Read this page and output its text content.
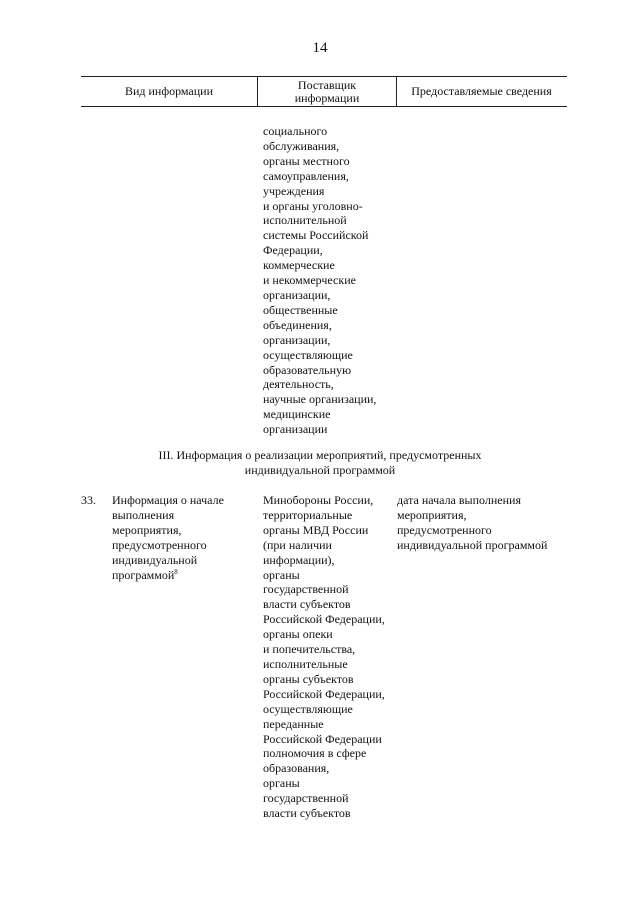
14
Вид информации	Поставщик
информации	Предоставляемые сведения
социального
обслуживания,
органы местного
самоуправления,
учреждения
и органы уголовно-
исполнительной
системы Российской
Федерации,
коммерческие
и некоммерческие
организации,
общественные
объединения,
организации,
осуществляющие
образовательную
деятельность,
научные организации,
медицинские
организации
III. Информация о реализации мероприятий, предусмотренных
индивидуальной программой
33. Информация о начале
выполнения
мероприятия,
предусмотренного
индивидуальной
программой$^8$
Минобороны России,
территориальные
органы МВД России
(при наличии
информации),
органы
государственной
власти субъектов
Российской Федерации,
органы опеки
и попечительства,
исполнительные
органы субъектов
Российской Федерации,
осуществляющие
переданные
Российской Федерации
полномочия в сфере
образования,
органы
государственной
власти субъектов
дата начала выполнения
мероприятия,
предусмотренного
индивидуальной программой
